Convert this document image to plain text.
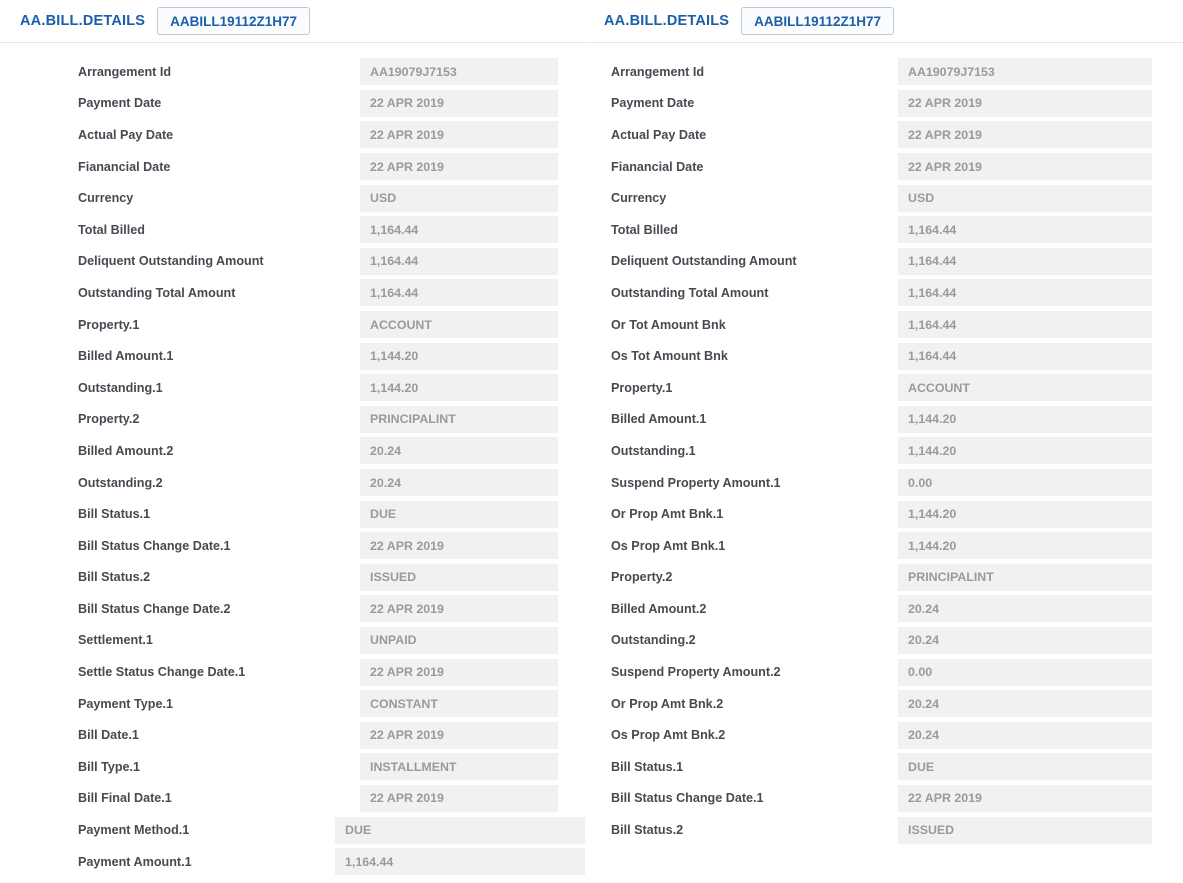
AA.BILL.DETAILS	AABILL19112Z1H77
Arrangement Id	AA19079J7153
Payment Date	22 APR 2019
Actual Pay Date	22 APR 2019
Fianancial Date	22 APR 2019
Currency	USD
Total Billed	1,164.44
Deliquent Outstanding Amount	1,164.44
Outstanding Total Amount	1,164.44
Property.1	ACCOUNT
Billed Amount.1	1,144.20
Outstanding.1	1,144.20
Property.2	PRINCIPALINT
Billed Amount.2	20.24
Outstanding.2	20.24
Bill Status.1	DUE
Bill Status Change Date.1	22 APR 2019
Bill Status.2	ISSUED
Bill Status Change Date.2	22 APR 2019
Settlement.1	UNPAID
Settle Status Change Date.1	22 APR 2019
Payment Type.1	CONSTANT
Bill Date.1	22 APR 2019
Bill Type.1	INSTALLMENT
Bill Final Date.1	22 APR 2019
Payment Method.1	DUE
Payment Amount.1	1,164.44
AA.BILL.DETAILS	AABILL19112Z1H77
Arrangement Id	AA19079J7153
Payment Date	22 APR 2019
Actual Pay Date	22 APR 2019
Fianancial Date	22 APR 2019
Currency	USD
Total Billed	1,164.44
Deliquent Outstanding Amount	1,164.44
Outstanding Total Amount	1,164.44
Or Tot Amount Bnk	1,164.44
Os Tot Amount Bnk	1,164.44
Property.1	ACCOUNT
Billed Amount.1	1,144.20
Outstanding.1	1,144.20
Suspend Property Amount.1	0.00
Or Prop Amt Bnk.1	1,144.20
Os Prop Amt Bnk.1	1,144.20
Property.2	PRINCIPALINT
Billed Amount.2	20.24
Outstanding.2	20.24
Suspend Property Amount.2	0.00
Or Prop Amt Bnk.2	20.24
Os Prop Amt Bnk.2	20.24
Bill Status.1	DUE
Bill Status Change Date.1	22 APR 2019
Bill Status.2	ISSUED
